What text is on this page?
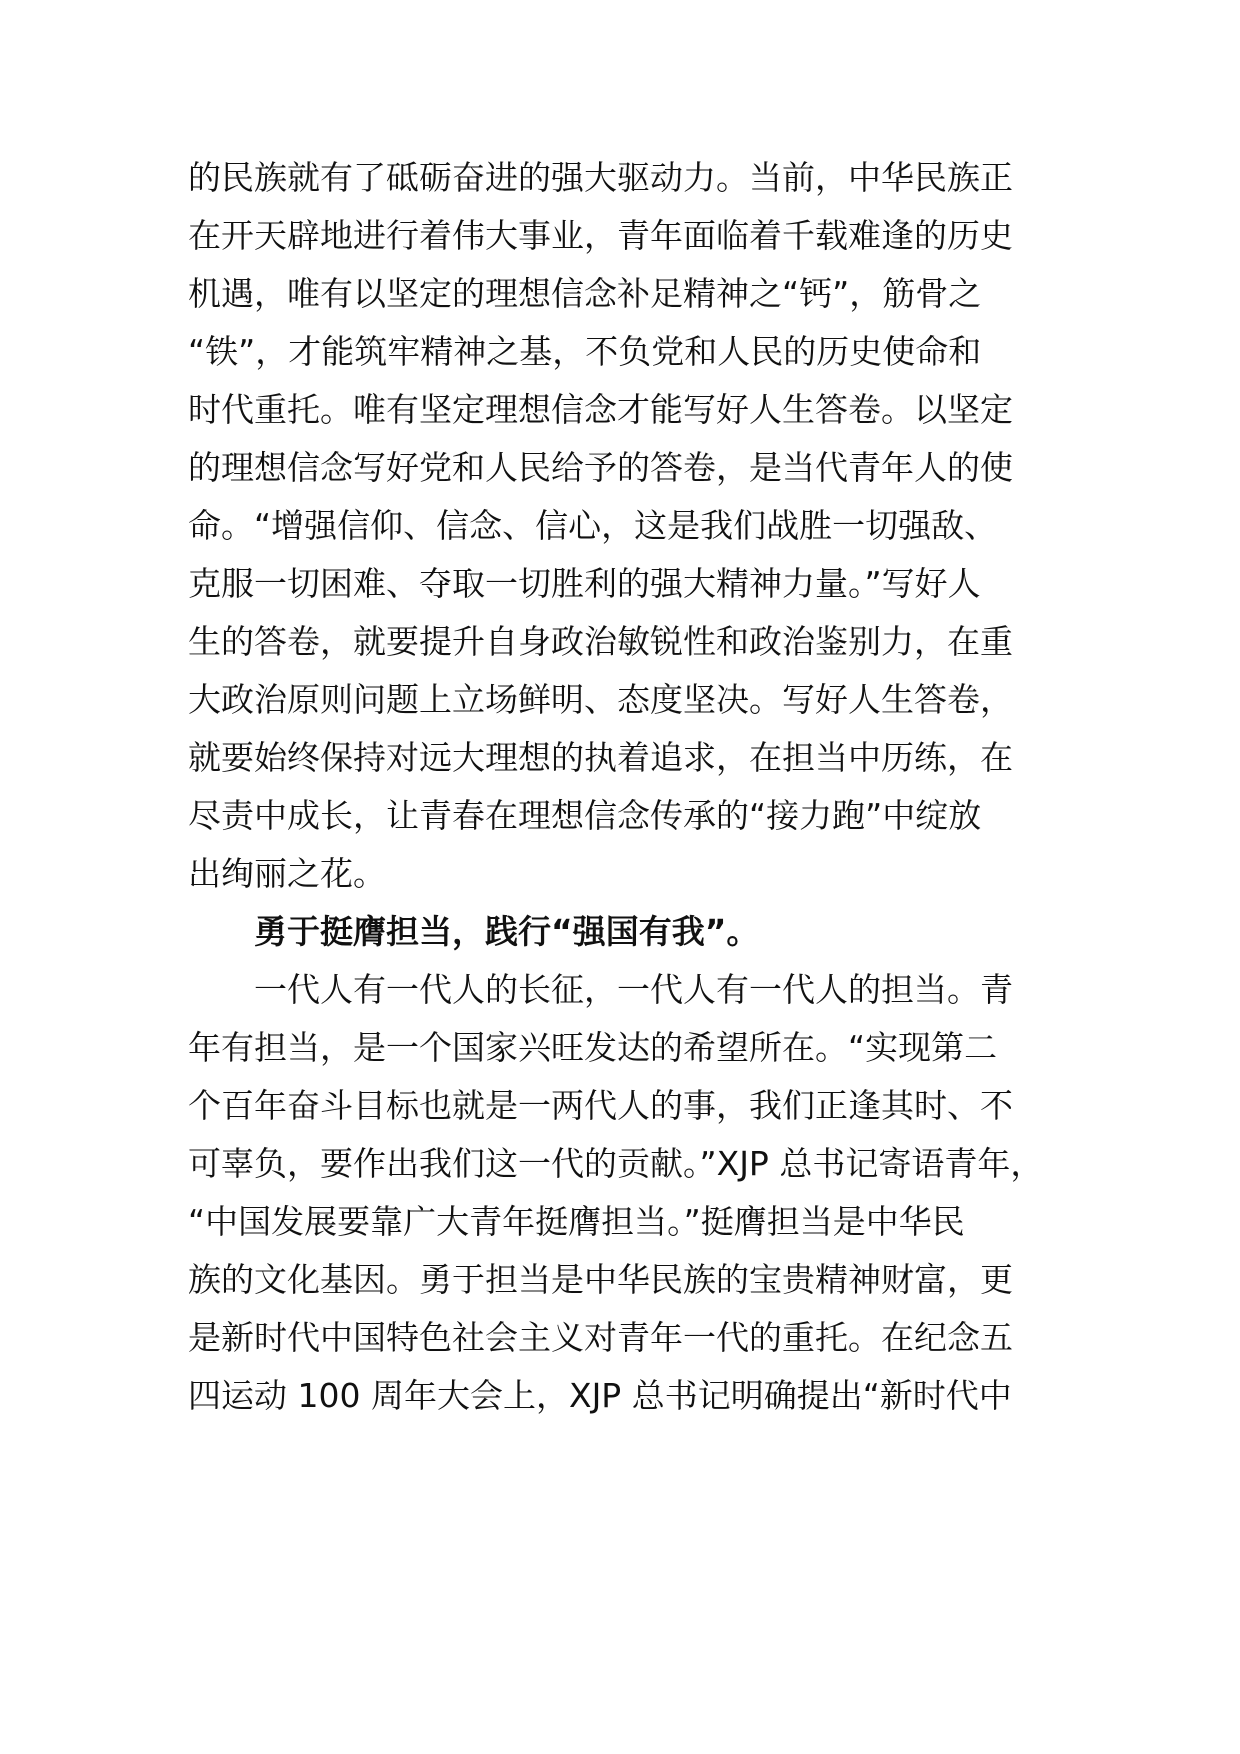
的民族就有了砥砺奋进的强大驱动力。当前，中华民族正
在开天辟地进行着伟大事业，青年面临着千载难逢的历史
机遇，唯有以坚定的理想信念补足精神之“钙”，筋骨之
“铁”，才能筑牢精神之基，不负党和人民的历史使命和
时代重托。唯有坚定理想信念才能写好人生答卷。以坚定
的理想信念写好党和人民给予的答卷，是当代青年人的使
命。“增强信仰、信念、信心，这是我们战胜一切强敌、
克服一切困难、夺取一切胜利的强大精神力量。”写好人
生的答卷，就要提升自身政治敏锐性和政治鉴别力，在重
大政治原则问题上立场鲜明、态度坚决。写好人生答卷，
就要始终保持对远大理想的执着追求，在担当中历练，在
尽责中成长，让青春在理想信念传承的“接力跑”中绽放
出绚丽之花。
勇于挺膺担当，践行“强国有我”。
一代人有一代人的长征，一代人有一代人的担当。青
年有担当，是一个国家兴旺发达的希望所在。“实现第二
个百年奋斗目标也就是一两代人的事，我们正逢其时、不
可辜负，要作出我们这一代的贡献。”XJP 总书记寄语青年，
“中国发展要靠广大青年挺膺担当。”挺膺担当是中华民
族的文化基因。勇于担当是中华民族的宝贵精神财富，更
是新时代中国特色社会主义对青年一代的重托。在纪念五
四运动 100 周年大会上，XJP 总书记明确提出“新时代中
